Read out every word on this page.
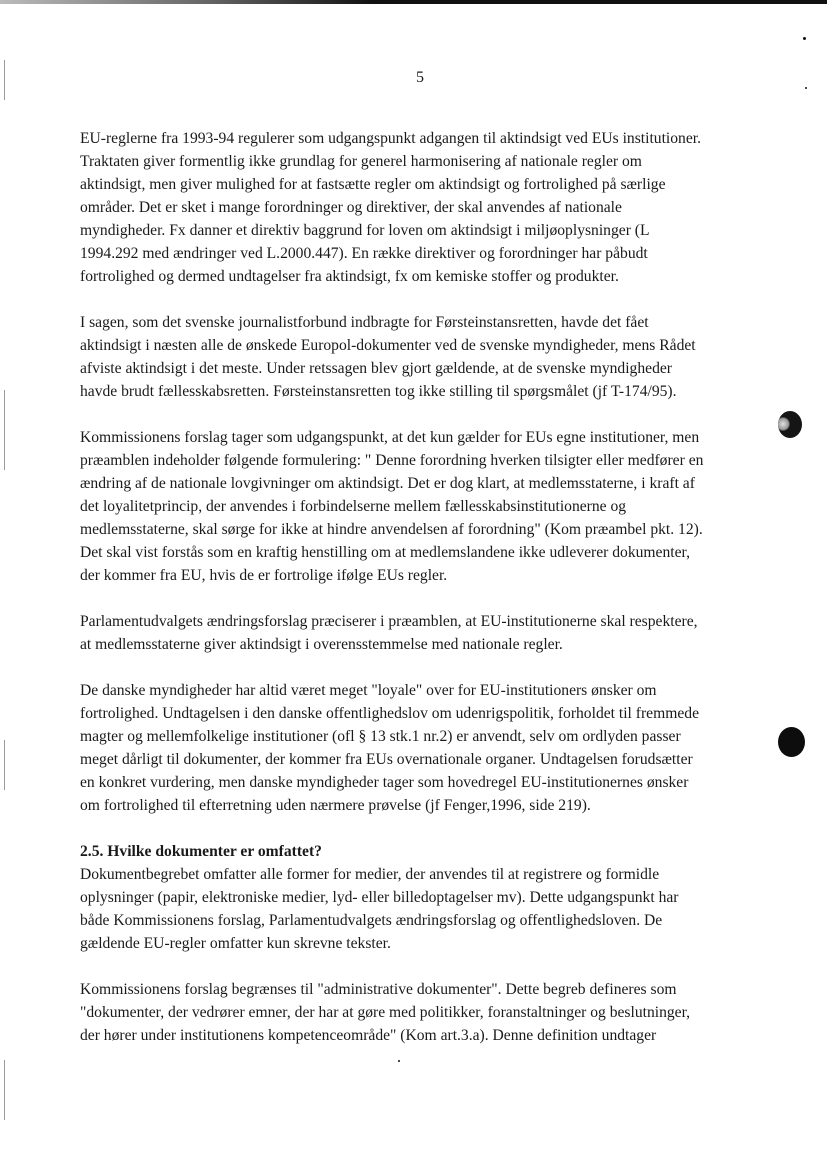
5
EU-reglerne fra 1993-94 regulerer som udgangspunkt adgangen til aktindsigt ved EUs institutioner.
Traktaten giver formentlig ikke grundlag for generel harmonisering af nationale regler om
aktindsigt, men giver mulighed for at fastsætte regler om aktindsigt og fortrolighed på særlige
områder. Det er sket i mange forordninger og direktiver, der skal anvendes af nationale
myndigheder. Fx danner et direktiv baggrund for loven om aktindsigt i miljøoplysninger (L
1994.292 med ændringer ved L.2000.447). En række direktiver og forordninger har påbudt
fortrolighed og dermed undtagelser fra aktindsigt, fx om kemiske stoffer og produkter.
I sagen, som det svenske journalistforbund indbragte for Førsteinstansretten, havde det fået
aktindsigt i næsten alle de ønskede Europol-dokumenter ved de svenske myndigheder, mens Rådet
afviste aktindsigt i det meste. Under retssagen blev gjort gældende, at de svenske myndigheder
havde brudt fællesskabsretten. Førsteinstansretten tog ikke stilling til spørgsmålet (jf T-174/95).
Kommissionens forslag tager som udgangspunkt, at det kun gælder for EUs egne institutioner, men
præamblen indeholder følgende formulering: " Denne forordning hverken tilsigter eller medfører en
ændring af de nationale lovgivninger om aktindsigt. Det er dog klart, at medlemsstaterne, i kraft af
det loyalitetprincip, der anvendes i forbindelserne mellem fællesskabsinstitutionerne og
medlemsstaterne, skal sørge for ikke at hindre anvendelsen af forordning" (Kom præambel pkt. 12).
Det skal vist forstås som en kraftig henstilling om at medlemslandene ikke udleverer dokumenter,
der kommer fra EU, hvis de er fortrolige ifølge EUs regler.
Parlamentudvalgets ændringsforslag præciserer i præamblen, at EU-institutionerne skal respektere,
at medlemsstaterne giver aktindsigt i overensstemmelse med nationale regler.
De danske myndigheder har altid været meget "loyale" over for EU-institutioners ønsker om
fortrolighed. Undtagelsen i den danske offentlighedslov om udenrigspolitik, forholdet til fremmede
magter og mellemfolkelige institutioner (ofl § 13 stk.1 nr.2) er anvendt, selv om ordlyden passer
meget dårligt til dokumenter, der kommer fra EUs overnationale organer. Undtagelsen forudsætter
en konkret vurdering, men danske myndigheder tager som hovedregel EU-institutionernes ønsker
om fortrolighed til efterretning uden nærmere prøvelse (jf Fenger,1996, side 219).
2.5. Hvilke dokumenter er omfattet?
Dokumentbegrebet omfatter alle former for medier, der anvendes til at registrere og formidle
oplysninger (papir, elektroniske medier, lyd- eller billedoptagelser mv). Dette udgangspunkt har
både Kommissionens forslag, Parlamentudvalgets ændringsforslag og offentlighedsloven. De
gældende EU-regler omfatter kun skrevne tekster.
Kommissionens forslag begrænses til "administrative dokumenter". Dette begreb defineres som
"dokumenter, der vedrører emner, der har at gøre med politikker, foranstaltninger og beslutninger,
der hører under institutionens kompetenceområde" (Kom art.3.a). Denne definition undtager
